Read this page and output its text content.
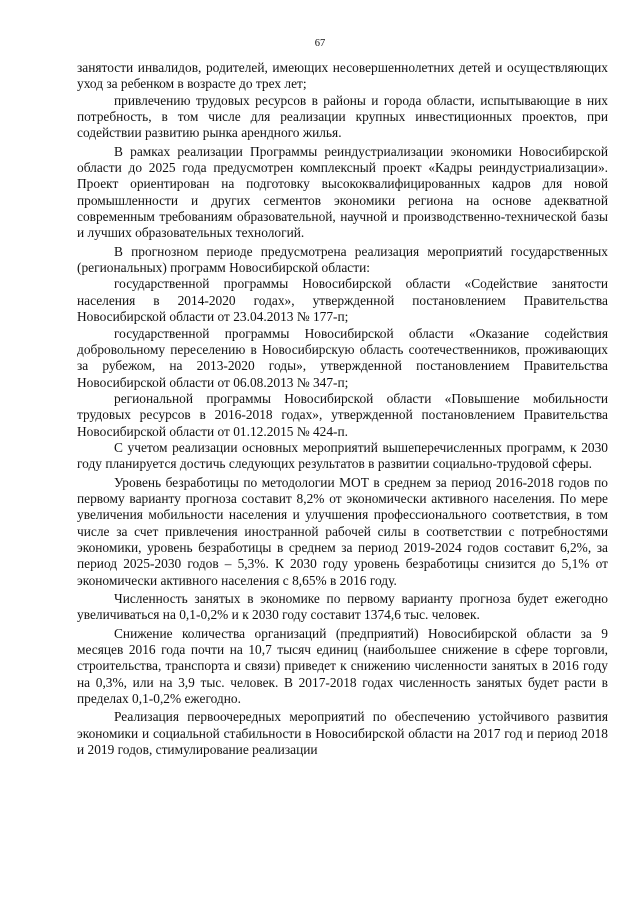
67

занятости инвалидов, родителей, имеющих несовершеннолетних детей и осуществляющих уход за ребенком в возрасте до трех лет;

привлечению трудовых ресурсов в районы и города области, испытывающие в них потребность, в том числе для реализации крупных инвестиционных проектов, при содействии развитию рынка арендного жилья.

В рамках реализации Программы реиндустриализации экономики Новосибирской области до 2025 года предусмотрен комплексный проект «Кадры реиндустриализации». Проект ориентирован на подготовку высококвалифицированных кадров для новой промышленности и других сегментов экономики региона на основе адекватной современным требованиям образовательной, научной и производственно-технической базы и лучших образовательных технологий.

В прогнозном периоде предусмотрена реализация мероприятий государственных (региональных) программ Новосибирской области:

государственной программы Новосибирской области «Содействие занятости населения в 2014-2020 годах», утвержденной постановлением Правительства Новосибирской области от 23.04.2013 № 177-п;

государственной программы Новосибирской области «Оказание содействия добровольному переселению в Новосибирскую область соотечественников, проживающих за рубежом, на 2013-2020 годы», утвержденной постановлением Правительства Новосибирской области от 06.08.2013 № 347-п;

региональной программы Новосибирской области «Повышение мобильности трудовых ресурсов в 2016-2018 годах», утвержденной постановлением Правительства Новосибирской области от 01.12.2015 № 424-п.

С учетом реализации основных мероприятий вышеперечисленных программ, к 2030 году планируется достичь следующих результатов в развитии социально-трудовой сферы.

Уровень безработицы по методологии МОТ в среднем за период 2016-2018 годов по первому варианту прогноза составит 8,2% от экономически активного населения. По мере увеличения мобильности населения и улучшения профессионального соответствия, в том числе за счет привлечения иностранной рабочей силы в соответствии с потребностями экономики, уровень безработицы в среднем за период 2019-2024 годов составит 6,2%, за период 2025-2030 годов – 5,3%. К 2030 году уровень безработицы снизится до 5,1% от экономически активного населения с 8,65% в 2016 году.

Численность занятых в экономике по первому варианту прогноза будет ежегодно увеличиваться на 0,1-0,2% и к 2030 году составит 1374,6 тыс. человек.

Снижение количества организаций (предприятий) Новосибирской области за 9 месяцев 2016 года почти на 10,7 тысяч единиц (наибольшее снижение в сфере торговли, строительства, транспорта и связи) приведет к снижению численности занятых в 2016 году на 0,3%, или на 3,9 тыс. человек. В 2017-2018 годах численность занятых будет расти в пределах 0,1-0,2% ежегодно.

Реализация первоочередных мероприятий по обеспечению устойчивого развития экономики и социальной стабильности в Новосибирской области на 2017 год и период 2018 и 2019 годов, стимулирование реализации
